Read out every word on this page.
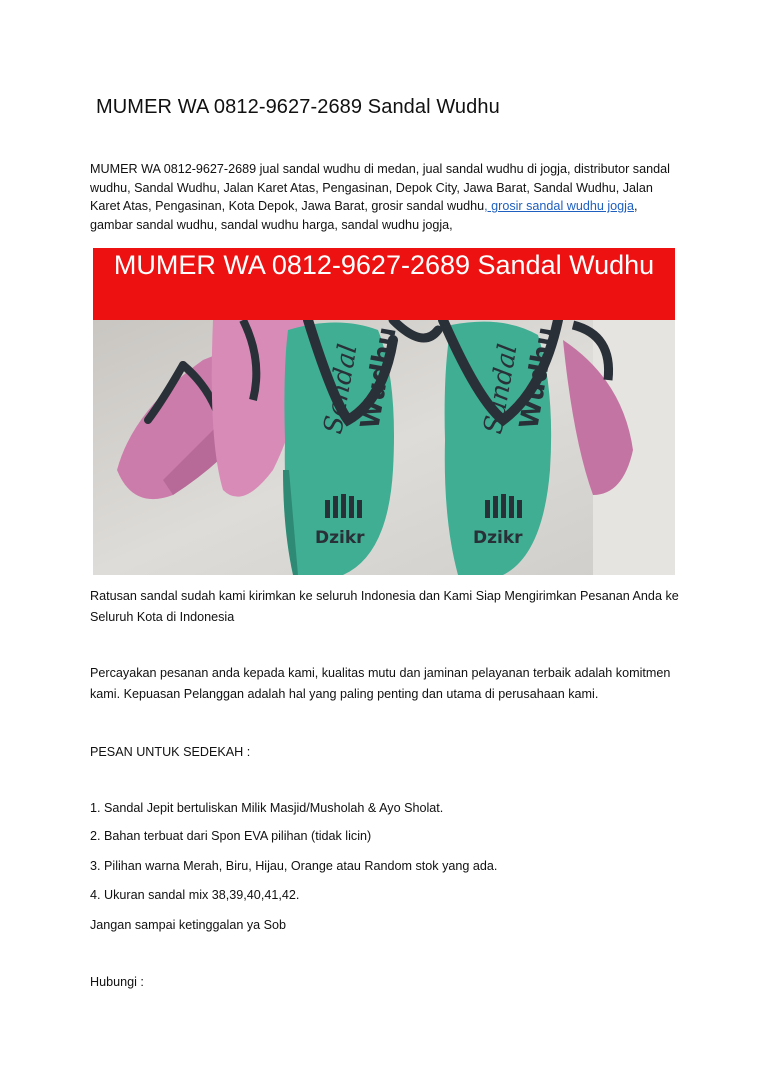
MUMER WA 0812-9627-2689 Sandal Wudhu

MUMER WA 0812-9627-2689 jual sandal wudhu di medan, jual sandal wudhu di jogja, distributor sandal wudhu, Sandal Wudhu, Jalan Karet Atas, Pengasinan, Depok City, Jawa Barat, Sandal Wudhu, Jalan Karet Atas, Pengasinan, Kota Depok, Jawa Barat, grosir sandal wudhu, grosir sandal wudhu jogja, gambar sandal wudhu, sandal wudhu harga, sandal wudhu jogja,

MUMER WA 0812-9627-2689 Sandal Wudhu
Sandal
Wudhu
Dzikr
Sandal
Wudhu
Dzikr

Ratusan sandal sudah kami kirimkan ke seluruh Indonesia dan Kami Siap Mengirimkan Pesanan Anda ke Seluruh Kota di Indonesia

Percayakan pesanan anda kepada kami, kualitas mutu dan jaminan pelayanan terbaik adalah komitmen kami. Kepuasan Pelanggan adalah hal yang paling penting dan utama di perusahaan kami.

PESAN UNTUK SEDEKAH :

1. Sandal Jepit bertuliskan Milik Masjid/Musholah & Ayo Sholat.

2. Bahan terbuat dari Spon EVA pilihan (tidak licin)

3. Pilihan warna Merah, Biru, Hijau, Orange atau Random stok yang ada.

4. Ukuran sandal mix 38,39,40,41,42.

Jangan sampai ketinggalan ya Sob

Hubungi :
